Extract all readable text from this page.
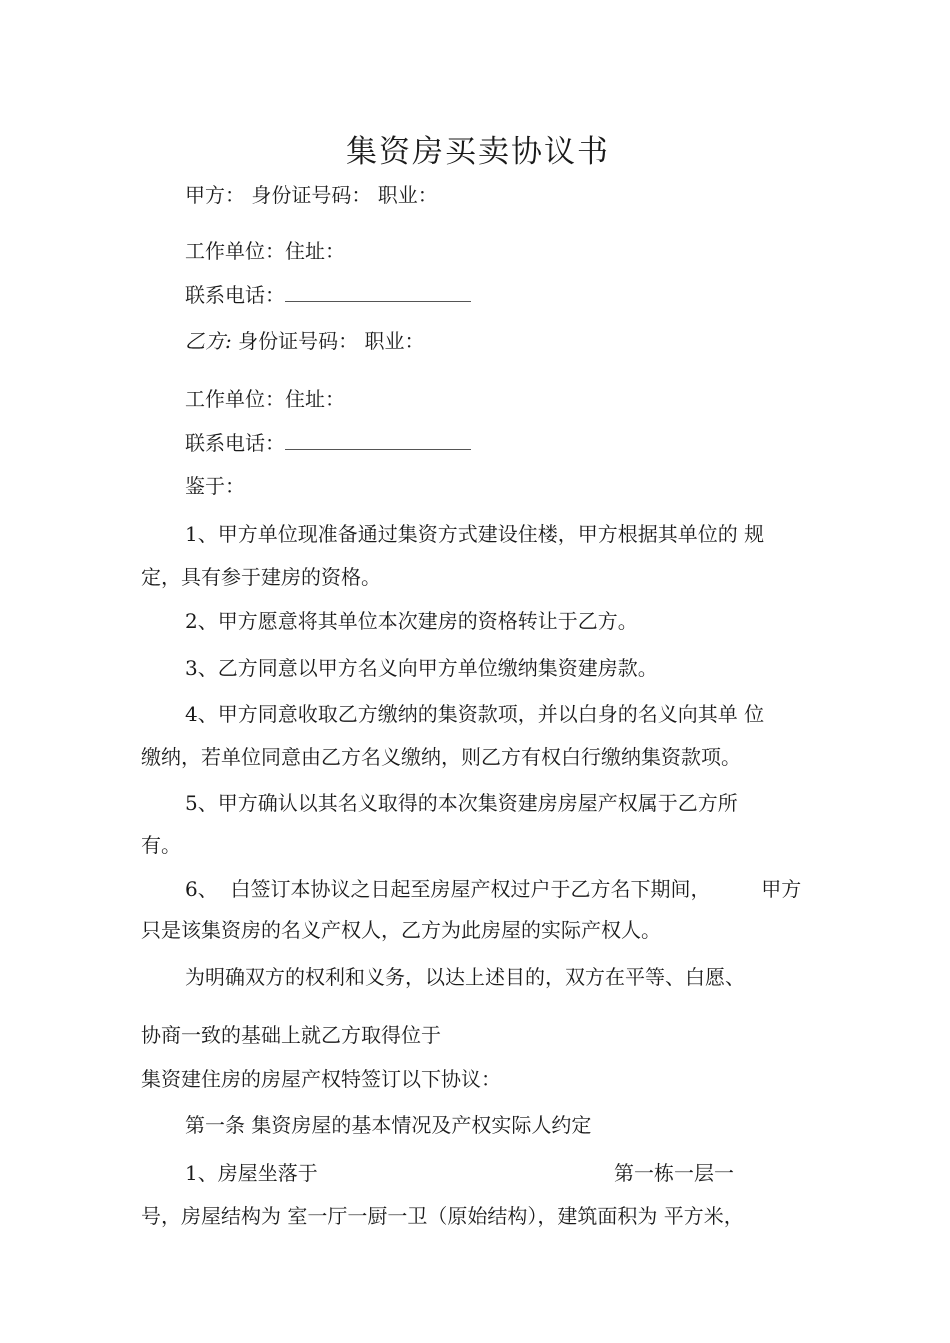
集资房买卖协议书
甲方： 身份证号码： 职业：
工作单位：住址：
联系电话：
乙方: 身份证号码： 职业：
工作单位：住址：
联系电话：
鉴于：
1、甲方单位现准备通过集资方式建设住楼，甲方根据其单位的 规
定，具有参于建房的资格。
2、甲方愿意将其单位本次建房的资格转让于乙方。
3、乙方同意以甲方名义向甲方单位缴纳集资建房款。
4、甲方同意收取乙方缴纳的集资款项，并以白身的名义向其单 位
缴纳，若单位同意由乙方名义缴纳，则乙方有权白行缴纳集资款项。
5、甲方确认以其名义取得的本次集资建房房屋产权属于乙方所
有。
6、  白签订本协议之日起至房屋产权过户于乙方名下期间，        甲方
只是该集资房的名义产权人，乙方为此房屋的实际产权人。
为明确双方的权利和义务，以达上述目的，双方在平等、白愿、
协商一致的基础上就乙方取得位于
集资建住房的房屋产权特签订以下协议：
第一条 集资房屋的基本情况及产权实际人约定
1、房屋坐落于	第一栋一层一
号，房屋结构为 室一厅一厨一卫（原始结构），建筑面积为 平方米，
